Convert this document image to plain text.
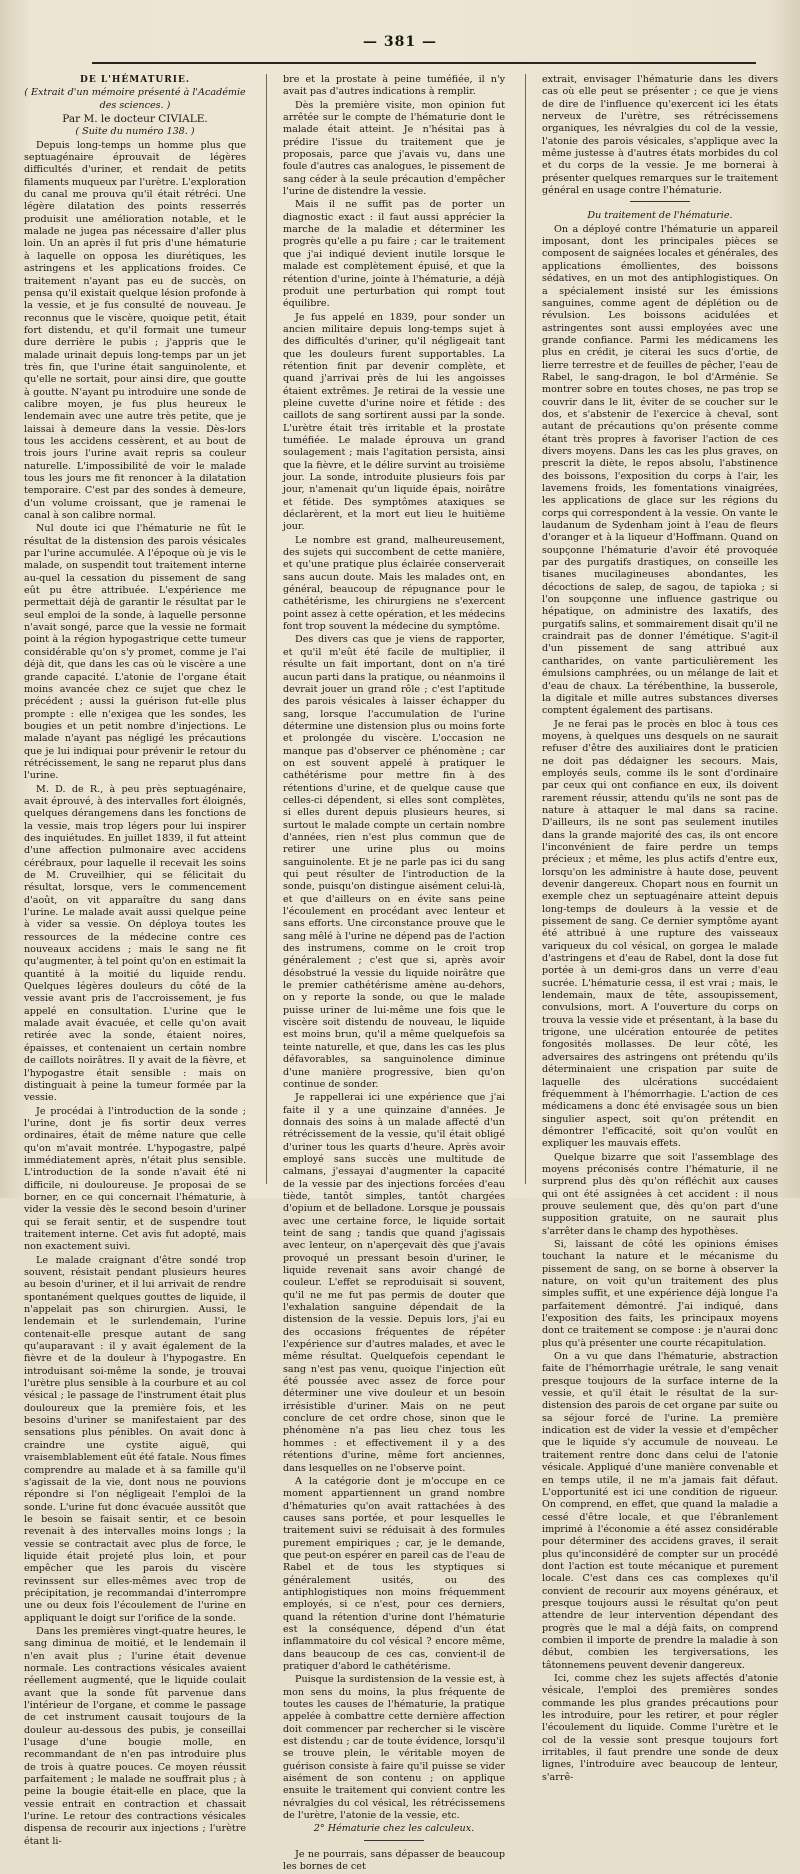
— 381 —

DE L'HÉMATURIE.

( Extrait d'un mémoire présenté à l'Académie des sciences. )

Par M. le docteur CIVIALE.

( Suite du numéro 138. )

Depuis long-temps un homme plus que septuagénaire éprouvait de légères difficultés d'uriner, et rendait de petits filaments muqueux par l'urètre. L'exploration du canal me prouva qu'il était rétréci. Une légère dilatation des points resserrés produisit une amélioration notable, et le malade ne jugea pas nécessaire d'aller plus loin. Un an après il fut pris d'une hématurie à laquelle on opposa les diurétiques, les astringens et les applications froides. Ce traitement n'ayant pas eu de succès, on pensa qu'il existait quelque lésion profonde à la vessie, et je fus consulté de nouveau. Je reconnus que le viscère, quoique petit, était fort distendu, et qu'il formait une tumeur dure derrière le pubis ; j'appris que le malade urinait depuis long-temps par un jet très fin, que l'urine était sanguinolente, et qu'elle ne sortait, pour ainsi dire, que goutte à goutte. N'ayant pu introduire une sonde de calibre moyen, je fus plus heureux le lendemain avec une autre très petite, que je laissai à demeure dans la vessie. Dès-lors tous les accidens cessèrent, et au bout de trois jours l'urine avait repris sa couleur naturelle. L'impossibilité de voir le malade tous les jours me fit renoncer à la dilatation temporaire. C'est par des sondes à demeure, d'un volume croissant, que je ramenai le canal à son calibre normal.

Nul doute ici que l'hématurie ne fût le résultat de la distension des parois vésicales par l'urine accumulée. A l'époque où je vis le malade, on suspendit tout traitement interne au-quel la cessation du pissement de sang eût pu être attribuée. L'expérience me permettait déjà de garantir le résultat par le seul emploi de la sonde, à laquelle personne n'avait songé, parce que la vessie ne formait point à la région hypogastrique cette tumeur considérable qu'on s'y promet, comme je l'ai déjà dit, que dans les cas où le viscère a une grande capacité. L'atonie de l'organe était moins avancée chez ce sujet que chez le précédent ; aussi la guérison fut-elle plus prompte : elle n'exigea que les sondes, les bougies et un petit nombre d'injections. Le malade n'ayant pas négligé les précautions que je lui indiquai pour prévenir le retour du rétrécissement, le sang ne reparut plus dans l'urine.

M. D. de R., à peu près septuagénaire, avait éprouvé, à des intervalles fort éloignés, quelques dérangemens dans les fonctions de la vessie, mais trop légers pour lui inspirer des inquiétudes. En juillet 1839, il fut atteint d'une affection pulmonaire avec accidens cérébraux, pour laquelle il recevait les soins de M. Cruveilhier, qui se félicitait du résultat, lorsque, vers le commencement d'août, on vit apparaître du sang dans l'urine. Le malade avait aussi quelque peine à vider sa vessie. On déploya toutes les ressources de la médecine contre ces nouveaux accidens ; mais le sang ne fit qu'augmenter, à tel point qu'on en estimait la quantité à la moitié du liquide rendu. Quelques légères douleurs du côté de la vessie avant pris de l'accroissement, je fus appelé en consultation. L'urine que le malade avait évacuée, et celle qu'on avait retirée avec la sonde, étaient noires, épaisses, et contenaient un certain nombre de caillots noirâtres. Il y avait de la fièvre, et l'hypogastre était sensible : mais on distinguait à peine la tumeur formée par la vessie.

Je procédai à l'introduction de la sonde ; l'urine, dont je fis sortir deux verres ordinaires, était de même nature que celle qu'on m'avait montrée. L'hypogastre, palpé immédiatement après, n'était plus sensible. L'introduction de la sonde n'avait été ni difficile, ni douloureuse. Je proposai de se borner, en ce qui concernait l'hématurie, à vider la vessie dès le second besoin d'uriner qui se ferait sentir, et de suspendre tout traitement interne. Cet avis fut adopté, mais non exactement suivi.

Le malade craignant d'être sondé trop souvent, résistait pendant plusieurs heures au besoin d'uriner, et il lui arrivait de rendre spontanément quelques gouttes de liquide, il n'appelait pas son chirurgien. Aussi, le lendemain et le surlendemain, l'urine contenait-elle presque autant de sang qu'auparavant : il y avait également de la fièvre et de la douleur à l'hypogastre. En introduisant soi-même la sonde, je trouvai l'urètre plus sensible à la courbure et au col vésical ; le passage de l'instrument était plus douloureux que la première fois, et les besoins d'uriner se manifestaient par des sensations plus pénibles. On avait donc à craindre une cystite aiguë, qui vraisemblablement eût été fatale. Nous fîmes comprendre au malade et à sa famille qu'il s'agissait de la vie, dont nous ne pouvions répondre si l'on négligeait l'emploi de la sonde. L'urine fut donc évacuée aussitôt que le besoin se faisait sentir, et ce besoin revenait à des intervalles moins longs ; la vessie se contractait avec plus de force, le liquide était projeté plus loin, et pour empêcher que les parois du viscère revinssent sur elles-mêmes avec trop de précipitation, je recommandai d'interrompre une ou deux fois l'écoulement de l'urine en appliquant le doigt sur l'orifice de la sonde.

Dans les premières vingt-quatre heures, le sang diminua de moitié, et le lendemain il n'en avait plus ; l'urine était devenue normale. Les contractions vésicales avaient réellement augmenté, que le liquide coulait avant que la sonde fût parvenue dans l'intérieur de l'organe, et comme le passage de cet instrument causait toujours de la douleur au-dessous des pubis, je conseillai l'usage d'une bougie molle, en recommandant de n'en pas introduire plus de trois à quatre pouces. Ce moyen réussit parfaitement ; le malade ne souffrait plus ; à peine la bougie était-elle en place, que la vessie entrait en contraction et chassait l'urine. Le retour des contractions vésicales dispensa de recourir aux injections ; l'urètre étant li-

bre et la prostate à peine tuméfiée, il n'y avait pas d'autres indications à remplir.

Dès la première visite, mon opinion fut arrêtée sur le compte de l'hématurie dont le malade était atteint. Je n'hésitai pas à prédire l'issue du traitement que je proposais, parce que j'avais vu, dans une foule d'autres cas analogues, le pissement de sang céder à la seule précaution d'empêcher l'urine de distendre la vessie.

Mais il ne suffit pas de porter un diagnostic exact : il faut aussi apprécier la marche de la maladie et déterminer les progrès qu'elle a pu faire ; car le traitement que j'ai indiqué devient inutile lorsque le malade est complètement épuisé, et que la rétention d'urine, jointe à l'hématurie, a déjà produit une perturbation qui rompt tout équilibre.

Je fus appelé en 1839, pour sonder un ancien militaire depuis long-temps sujet à des difficultés d'uriner, qu'il négligeait tant que les douleurs furent supportables. La rétention finit par devenir complète, et quand j'arrivai près de lui les angoisses étaient extrêmes. Je retirai de la vessie une pleine cuvette d'urine noire et fétide : des caillots de sang sortirent aussi par la sonde. L'urètre était très irritable et la prostate tuméfiée. Le malade éprouva un grand soulagement ; mais l'agitation persista, ainsi que la fièvre, et le délire survint au troisième jour. La sonde, introduite plusieurs fois par jour, n'amenait qu'un liquide épais, noirâtre et fétide. Des symptômes ataxiques se déclarèrent, et la mort eut lieu le huitième jour.

Le nombre est grand, malheureusement, des sujets qui succombent de cette manière, et qu'une pratique plus éclairée conserverait sans aucun doute. Mais les malades ont, en général, beaucoup de répugnance pour le cathétérisme, les chirurgiens ne s'exercent point assez à cette opération, et les médecins font trop souvent la médecine du symptôme.

Des divers cas que je viens de rapporter, et qu'il m'eût été facile de multiplier, il résulte un fait important, dont on n'a tiré aucun parti dans la pratique, ou néanmoins il devrait jouer un grand rôle ; c'est l'aptitude des parois vésicales à laisser échapper du sang, lorsque l'accumulation de l'urine détermine une distension plus ou moins forte et prolongée du viscère. L'occasion ne manque pas d'observer ce phénomène ; car on est souvent appelé à pratiquer le cathétérisme pour mettre fin à des rétentions d'urine, et de quelque cause que celles-ci dépendent, si elles sont complètes, si elles durent depuis plusieurs heures, si surtout le malade compte un certain nombre d'années, rien n'est plus commun que de retirer une urine plus ou moins sanguinolente. Et je ne parle pas ici du sang qui peut résulter de l'introduction de la sonde, puisqu'on distingue aisément celui-là, et que d'ailleurs on en évite sans peine l'écoulement en procédant avec lenteur et sans efforts. Une circonstance prouve que le sang mêlé à l'urine ne dépend pas de l'action des instrumens, comme on le croit trop généralement ; c'est que si, après avoir désobstrué la vessie du liquide noirâtre que le premier cathétérisme amène au-dehors, on y reporte la sonde, ou que le malade puisse uriner de lui-même une fois que le viscère soit distendu de nouveau, le liquide est moins brun, qu'il a même quelquefois sa teinte naturelle, et que, dans les cas les plus défavorables, sa sanguinolence diminue d'une manière progressive, bien qu'on continue de sonder.

Je rappellerai ici une expérience que j'ai faite il y a une quinzaine d'années. Je donnais des soins à un malade affecté d'un rétrécissement de la vessie, qu'il était obligé d'uriner tous les quarts d'heure. Après avoir employé sans succès une multitude de calmans, j'essayai d'augmenter la capacité de la vessie par des injections forcées d'eau tiède, tantôt simples, tantôt chargées d'opium et de belladone. Lorsque je poussais avec une certaine force, le liquide sortait teint de sang ; tandis que quand j'agissais avec lenteur, on n'aperçevait dès que j'avais provoqué un pressant besoin d'uriner, le liquide revenait sans avoir changé de couleur. L'effet se reproduisait si souvent, qu'il ne me fut pas permis de douter que l'exhalation sanguine dépendait de la distension de la vessie. Depuis lors, j'ai eu des occasions fréquentes de répéter l'expérience sur d'autres malades, et avec le même résultat. Quelquefois cependant le sang n'est pas venu, quoique l'injection eût été poussée avec assez de force pour déterminer une vive douleur et un besoin irrésistible d'uriner. Mais on ne peut conclure de cet ordre chose, sinon que le phénomène n'a pas lieu chez tous les hommes : et effectivement il y a des rétentions d'urine, même fort anciennes, dans lesquelles on ne l'observe point.

A la catégorie dont je m'occupe en ce moment appartiennent un grand nombre d'hématuries qu'on avait rattachées à des causes sans portée, et pour lesquelles le traitement suivi se réduisait à des formules purement empiriques ; car, je le demande, que peut-on espérer en pareil cas de l'eau de Rabel et de tous les styptiques si généralement usités, ou des antiphlogistiques non moins fréquemment employés, si ce n'est, pour ces derniers, quand la rétention d'urine dont l'hématurie est la conséquence, dépend d'un état inflammatoire du col vésical ? encore même, dans beaucoup de ces cas, convient-il de pratiquer d'abord le cathétérisme.

Puisque la surdistension de la vessie est, à mon sens du moins, la plus fréquente de toutes les causes de l'hématurie, la pratique appelée à combattre cette dernière affection doit commencer par rechercher si le viscère est distendu ; car de toute évidence, lorsqu'il se trouve plein, le véritable moyen de guérison consiste à faire qu'il puisse se vider aisément de son contenu ; on applique ensuite le traitement qui convient contre les névralgies du col vésical, les rétrécissemens de l'urètre, l'atonie de la vessie, etc.

2° Hématurie chez les calculeux.

Je ne pourrais, sans dépasser de beaucoup les bornes de cet

extrait, envisager l'hématurie dans les divers cas où elle peut se présenter ; ce que je viens de dire de l'influence qu'exercent ici les états nerveux de l'urètre, ses rétrécissemens organiques, les névralgies du col de la vessie, l'atonie des parois vésicales, s'applique avec la même justesse à d'autres états morbides du col et du corps de la vessie. Je me bornerai à présenter quelques remarques sur le traitement général en usage contre l'hématurie.

Du traitement de l'hématurie.

On a déployé contre l'hématurie un appareil imposant, dont les principales pièces se composent de saignées locales et générales, des applications émollientes, des boissons sédatives, en un mot des antiphlogistiques. On a spécialement insisté sur les émissions sanguines, comme agent de déplétion ou de révulsion. Les boissons acidulées et astringentes sont aussi employées avec une grande confiance. Parmi les médicamens les plus en crédit, je citerai les sucs d'ortie, de lierre terrestre et de feuilles de pêcher, l'eau de Rabel, le sang-dragon, le bol d'Arménie. Se montrer sobre en toutes choses, ne pas trop se couvrir dans le lit, éviter de se coucher sur le dos, et s'abstenir de l'exercice à cheval, sont autant de précautions qu'on présente comme étant très propres à favoriser l'action de ces divers moyens. Dans les cas les plus graves, on prescrit la diète, le repos absolu, l'abstinence des boissons, l'exposition du corps à l'air, les lavemens froids, les fomentations vinaigrées, les applications de glace sur les régions du corps qui correspondent à la vessie. On vante le laudanum de Sydenham joint à l'eau de fleurs d'oranger et à la liqueur d'Hoffmann. Quand on soupçonne l'hématurie d'avoir été provoquée par des purgatifs drastiques, on conseille les tisanes mucilagineuses abondantes, les décoctions de salep, de sagou, de tapioka ; si l'on soupçonne une influence gastrique ou hépatique, on administre des laxatifs, des purgatifs salins, et sommairement disait qu'il ne craindrait pas de donner l'émétique. S'agit-il d'un pissement de sang attribué aux cantharides, on vante particulièrement les émulsions camphrées, ou un mélange de lait et d'eau de chaux. La térébenthine, la busserole, la digitale et mille autres substances diverses comptent également des partisans.

Je ne ferai pas le procès en bloc à tous ces moyens, à quelques uns desquels on ne saurait refuser d'être des auxiliaires dont le praticien ne doit pas dédaigner les secours. Mais, employés seuls, comme ils le sont d'ordinaire par ceux qui ont confiance en eux, ils doivent rarement réussir, attendu qu'ils ne sont pas de nature à attaquer le mal dans sa racine. D'ailleurs, ils ne sont pas seulement inutiles dans la grande majorité des cas, ils ont encore l'inconvénient de faire perdre un temps précieux ; et même, les plus actifs d'entre eux, lorsqu'on les administre à haute dose, peuvent devenir dangereux. Chopart nous en fournit un exemple chez un septuagénaire atteint depuis long-temps de douleurs à la vessie et de pissement de sang. Ce dernier symptôme ayant été attribué à une rupture des vaisseaux variqueux du col vésical, on gorgea le malade d'astringens et d'eau de Rabel, dont la dose fut portée à un demi-gros dans un verre d'eau sucrée. L'hématurie cessa, il est vrai ; mais, le lendemain, maux de tête, assoupissement, convulsions, mort. A l'ouverture du corps on trouva la vessie vide et présentant, à la base du trigone, une ulcération entourée de petites fongosités mollasses. De leur côté, les adversaires des astringens ont prétendu qu'ils déterminaient une crispation par suite de laquelle des ulcérations succédaient fréquemment à l'hémorrhagie. L'action de ces médicamens a donc été envisagée sous un bien singulier aspect, soit qu'on prétendit en démontrer l'efficacité, soit qu'on voulût en expliquer les mauvais effets.

Quelque bizarre que soit l'assemblage des moyens préconisés contre l'hématurie, il ne surprend plus dès qu'on réfléchit aux causes qui ont été assignées à cet accident : il nous prouve seulement que, dès qu'on part d'une supposition gratuite, on ne saurait plus s'arrêter dans le champ des hypothèses.

Si, laissant de côté les opinions émises touchant la nature et le mécanisme du pissement de sang, on se borne à observer la nature, on voit qu'un traitement des plus simples suffit, et une expérience déjà longue l'a parfaitement démontré. J'ai indiqué, dans l'exposition des faits, les principaux moyens dont ce traitement se compose : je n'aurai donc plus qu'à présenter une courte récapitulation.

On a vu que dans l'hématurie, abstraction faite de l'hémorrhagie urétrale, le sang venait presque toujours de la surface interne de la vessie, et qu'il était le résultat de la sur-distension des parois de cet organe par suite ou sa séjour forcé de l'urine. La première indication est de vider la vessie et d'empêcher que le liquide s'y accumule de nouveau. Le traitement rentre donc dans celui de l'atonie vésicale. Appliqué d'une manière convenable et en temps utile, il ne m'a jamais fait défaut. L'opportunité est ici une condition de rigueur. On comprend, en effet, que quand la maladie a cessé d'être locale, et que l'ébranlement imprimé à l'économie a été assez considérable pour déterminer des accidens graves, il serait plus qu'inconsidéré de compter sur un procédé dont l'action est toute mécanique et purement locale. C'est dans ces cas complexes qu'il convient de recourir aux moyens généraux, et presque toujours aussi le résultat qu'on peut attendre de leur intervention dépendant des progrès que le mal a déjà faits, on comprend combien il importe de prendre la maladie à son début, combien les tergiversations, les tâtonnemens peuvent devenir dangereux.

Ici, comme chez les sujets affectés d'atonie vésicale, l'emploi des premières sondes commande les plus grandes précautions pour les introduire, pour les retirer, et pour régler l'écoulement du liquide. Comme l'urètre et le col de la vessie sont presque toujours fort irritables, il faut prendre une sonde de deux lignes, l'introduire avec beaucoup de lenteur, s'arrê-
